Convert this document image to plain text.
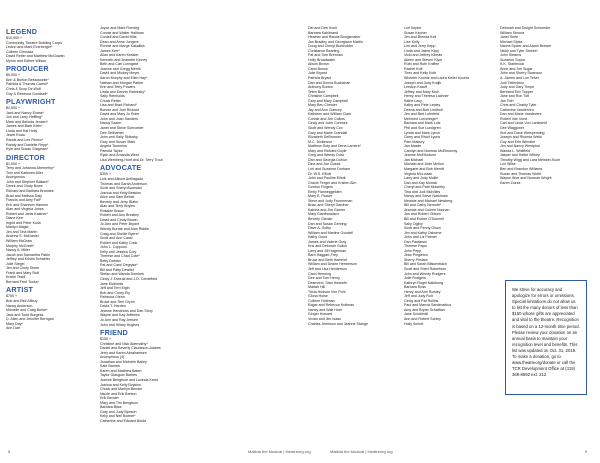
LEGEND
$10,000 +
Community Theatre Building Corps
LeAnn and Mark Everberger*
Colleen Grenada
David Reiter and Matthew McGowan
Myron and Esther Wilson
PRODUCER
$5,000 +
Ann & Burton Bessolowitz*
Patricia & Thomas Carroll*
Chris & Scop De Wolf
Guy & Rebecca Goodsell*
PLAYWRIGHT
$2,500 +
Jack and Nancy Evans*
Jon and Larry Heffling*
Mark and Belinda Jensen*
James and Barb Klein*
Linda and Hal Holly
Jewel Ruda
Rands and Lee Renko*
Randy and Danielle Repp*
Kyle and Susan Glagman*
DIRECTOR
$1,000 +
Terry and Johanna Abernethy*
Tom and Kathleen Aller
Anonymous
John and Stephen Ballard*
Derek and Cindy Bowe
Richard and Barbara Brandes
Brad and Melissa Daly
Francis and Amy Fall*
Eric and Shannon Hansen
Alan and Virginia Jones
Robert and Janis Kastner*
Diane Kerr
Ingrid and Peter Kulla
Marilyn Magid
Jim and Tina Martin
Andrew S. McDaniel
William McGraw
Murphy McGrath*
Nancy A. Miller
Jacob and Samantha Pakin
Jeffrey and Kristin Schaefer
Julie Siegel
Jim and Cindy Stone
Frank and Mary Stoll
Kristie Tesdi
Bernard Fred Tonks*
ARTIST
$750 +
Bob and Bek Alfbuy
Nancy Anderson
Michelle and Craig Burke*
Jack and Todd Burgess
D. Allen and Jennifer Berrigan
Mary Day*
Ann Darr
Joyce and Mark Fleming
Connie and Walter Hallman
Cordell and David Hilts
Dean and Anne Jungers
Ronnie and Marge Kakalikis
James Kerr*
Allan and Karen Kessler
Kenneth and Jeanette Kinney
Beth and Carl Lonngard
Joanne and Gregg Merrik
David and Mickey Meyer
Aaron Murphy and Ellen Hay*
Nathan and Morgan Parker
Erin and Terry Powers
Linda and Dennis Raborsky*
Sally Reinholds
Chuck Reiter
Lisa and Brad Richard*
Bonnie and Joel Rickard
David and Mary Jo Ruler
John and Joan Sanders
Nancy Sazen
Janet and Steve Schroeder
Deb Seilhamer
John and Sally Skilosky
Gary and Susan Stark
Angela Taorminn
Pamela Taylor
Ryan and Amanda West
Lisa Wemberg-Hunt and Dr. Terry Trout
ADVOCATE
$300 +
Luis and Allison Arellagado
Thomas and Sarah Anderson
Scott and Sheryl Avonsdel
Joshua and Kelly Beskins
Alice and Sam Bethel
Beverly and Jerry Blahs
Alan and Terry Boyles
Rosalee Braun
Robert and Ann Brestley
David and Cindy Brown
Jo Ann and Peter Bryant
Wendy Burrak and Alan Riddle
Craig and Shellie Byers*
Scott and Ann Cassi
Robert and Kathy Cook
John L. Coppock
Kelly and Jessica Cory
Therese and Chad Cote*
Betty Dahlan
Pat and Carol Degryse*
Bill and Patty Dewiler
Stefan and Wanda Dombek
Cindy J. Dvorak and J.D. Cerdefield
Jane Eickhoss
Jeff and Terri Elgin
Bob and Corey Ely
Rebecca Glenn
Bruce and Terri Glynn
David T. Harden
Jeanne Hendricks and Dan Story
Wayne and Kay Jefferies
Jo Ann and Ray Jensen
John and Hillary Hughes
FRIEND
$150 +
Christine and Nick Abernathy*
Daniel and Beverly Claudeson-Adams
Jerry and Karen Abrahamsen
Anonymous (4)
Jonathan and Michelle Bailey
Kate Barnes
Karen and Matthew Baten
Taylor Glasgow Barnes
Joanne Bengtson and Lucinda Kerst
Joshua and Kelly Boykins
Chuck and Marilyn Bender
Nicole and Erik Benton
Erik Bender
Mary and Tim Bengtson
Barbara Bliss
Gary and Judy Bjorson
Kelly and Neil Boebel*
Catherine and Edward Bolda
Del and Deb Koch
Barbara Kahlbrand
Heather and Randa Bongsmaker
Jan Bradley and Georgiann Martin
Doug and Cheryl Burkholder
Constance Bearling
Pat and Tom Brennan
Holly Broadwater
Alison Brown
Carol Burow
Julie Bryant
Patricia Bryant
Dan and Donna Buchanan
Anthony Burton
Teten Bure
Christine Campbell
Gary and Mary Campbell
Mary Beu Chenier
Jay and Ann Clancey
Kathleen and William Clark
Connie and Jim Collins
Cindy and John Connors
Scott and Wendy Cox
Gary and Marie Crandall
Elizabeth DeBrunner
M.C. Dickinson
Matthew Doty and Dena Lamers*
Mary and Richard Doyle
Greg and Wendy Dura
Dan and Georgia Dufour
Dina and Joe Dusek
Lori and Suzanne Durham
Dr. W.S. Elliott
John and Pauline Elliott
Gracie Ferger and Kristen Alm
Gordon Fingers
Emily Flanneggelden
Mary E. Flower
Steve and Judy Frumerman
Brian and Sheryl Gardner
Katrina and Jim Garner
Mary Gianfrancisco
Beverly Gienier
Dan and Susan Gehring
Dave A. Golby
William and Martine Goodell
Kathy Good
James and Valerie Gray
Kris and Deborah Gulick
Larry and Jill Hagerman
Barb Haggart-Frey
Bruce and Beth Hammel
William and Deane Hermerson
Jeff and Lisa Henderson
Carol Henning
Dee and Tom Henry
Desmond, Stan Hesketh
Mariah Hill
Tricia Hudson Von Pohl
Gloria Hulse
Colleen Holtman
Edgar and Rebecca Holtman
Nancy and Walt Horn
Ginger Howard
Vivian and Jim Isaac
Charles Jennison and Jeanne Stange
Lori Kepler
Susan Kepner
Jim and Brenda Kell
Lise Kelly
Lori and Jerry Kepp
Linda and Jaime Kipp
Vicki and Jeffrey Klimas
Aileen and Steven Klym
Ruth and Ruth Kniffen
Rachel Kolf
Theo and Kelly Kolb
Wheeler Koontz and Laura Keller Koontz
Joseph and Jody Krajik
LeeAnn Krauff
Jeffrey and Mary Krull
Henry and Theresa Lachner
Kathe Lacy
Kathy and Pete Lepley
Deena and Bob Lindholt
Jim and Bert Lohnfeld
Mehmed Lorvelinger*
Barbara and Mark Lutz
Phil and Sue Lundgren
Lynda and Mark Lynch
Garry and Rivoll Lyons
Pam Mabury
Jan Maslin
Carolyn and Norman McElmurray
Jeanne McElhoburn
Jan Michael
Michael and Jean Mellon
Margaret and Bob Merritt
Virginia McLoviak
Larry and Judy Mollie
Dan and Kay Monick
Cheryl and Patti Mulsethy
Tina and Judi Mulvilles
Nancy and Steve Narkiman
Melanie and Michael Newberg
Bill and Cathy Nemoth*
Jeannie and Coleen Noonan
Jan and Robert Ohlsen
Bill and Esther O'Donnell
Sally Ogilvy
Scott and Penny Olson
Jim and Kathy Osborne
John and Liz Palmer
Dan Pawlawsi
Therese Papa
John Pepp
Jean Pingleton
Sherry Pimlaur
Bill and Sarah Blissenbach
Scott and Sheri Robertson
John and Wendy Rodgers
Julie Rodgers
Kathryn Rogel Nakibong
Barbara Ross
Henry and Ann Rowley
Jeff and Judy Rult
Cindy and Pat Rollins
Paul and Marcia Sandmarkus
Amy and Bryan Schaffran
Jane Schildmill
Ann and Robert Schley
Holly Schott
Deborah and Dwight Schroeder
William Serona
Janet Serle
Michael Sipka
Naomi Spicer and Aaron Brewer
Nicky and Tyler Stokes*
John Stearns
Suzanne Sopra
K.K. Stanbrook
Anne and Jim Sugar
John and Sherry Swanson
A. James and Lori Teber
Judi Tiefenbinn
Judy and Gary Timpe
Bertrand Eric Topper
Jane and Ron Tott
Jan Toth
Chris and Charity Tyler
Catherine Vanderven
Dan and Marie Vandevere
Robert Van Vorst
Carl and Linda Von Lankweld
Dee Waggoner
Sue and Dave Weispenning
Joseph and Rhonda Wells
Guy and Erin Wendler
Jim and Nancy Westphal
Wanda L. Whitfield
Jasper and Hettie Wilkey
Timothy Wigg and Lara Meinzer-Koch
Lori Wilke
Ben and Brandon Williams
Susan and Thomas Wolfe
Wayne Woe and Norman Wright
Karen Zozza
We strive for accuracy and apologize for errors or omissions. Special limitations do not allow us to list the many donors of less than $150 whose gifts are appreciated and vital to the theatre. Recognition is based on a 12-month time period. Please review your donation on an annual basis to maintain your recognition level and benefits. This list was updated on Oct. 31, 2019. To make a donation, go to www.theatreorg/donate or call the TCR Development Office at (319) 366-8592 ext. 212
8	Matilda the Musical | theatreorg.org	Matilda the Musical | theatreorg.org	9
